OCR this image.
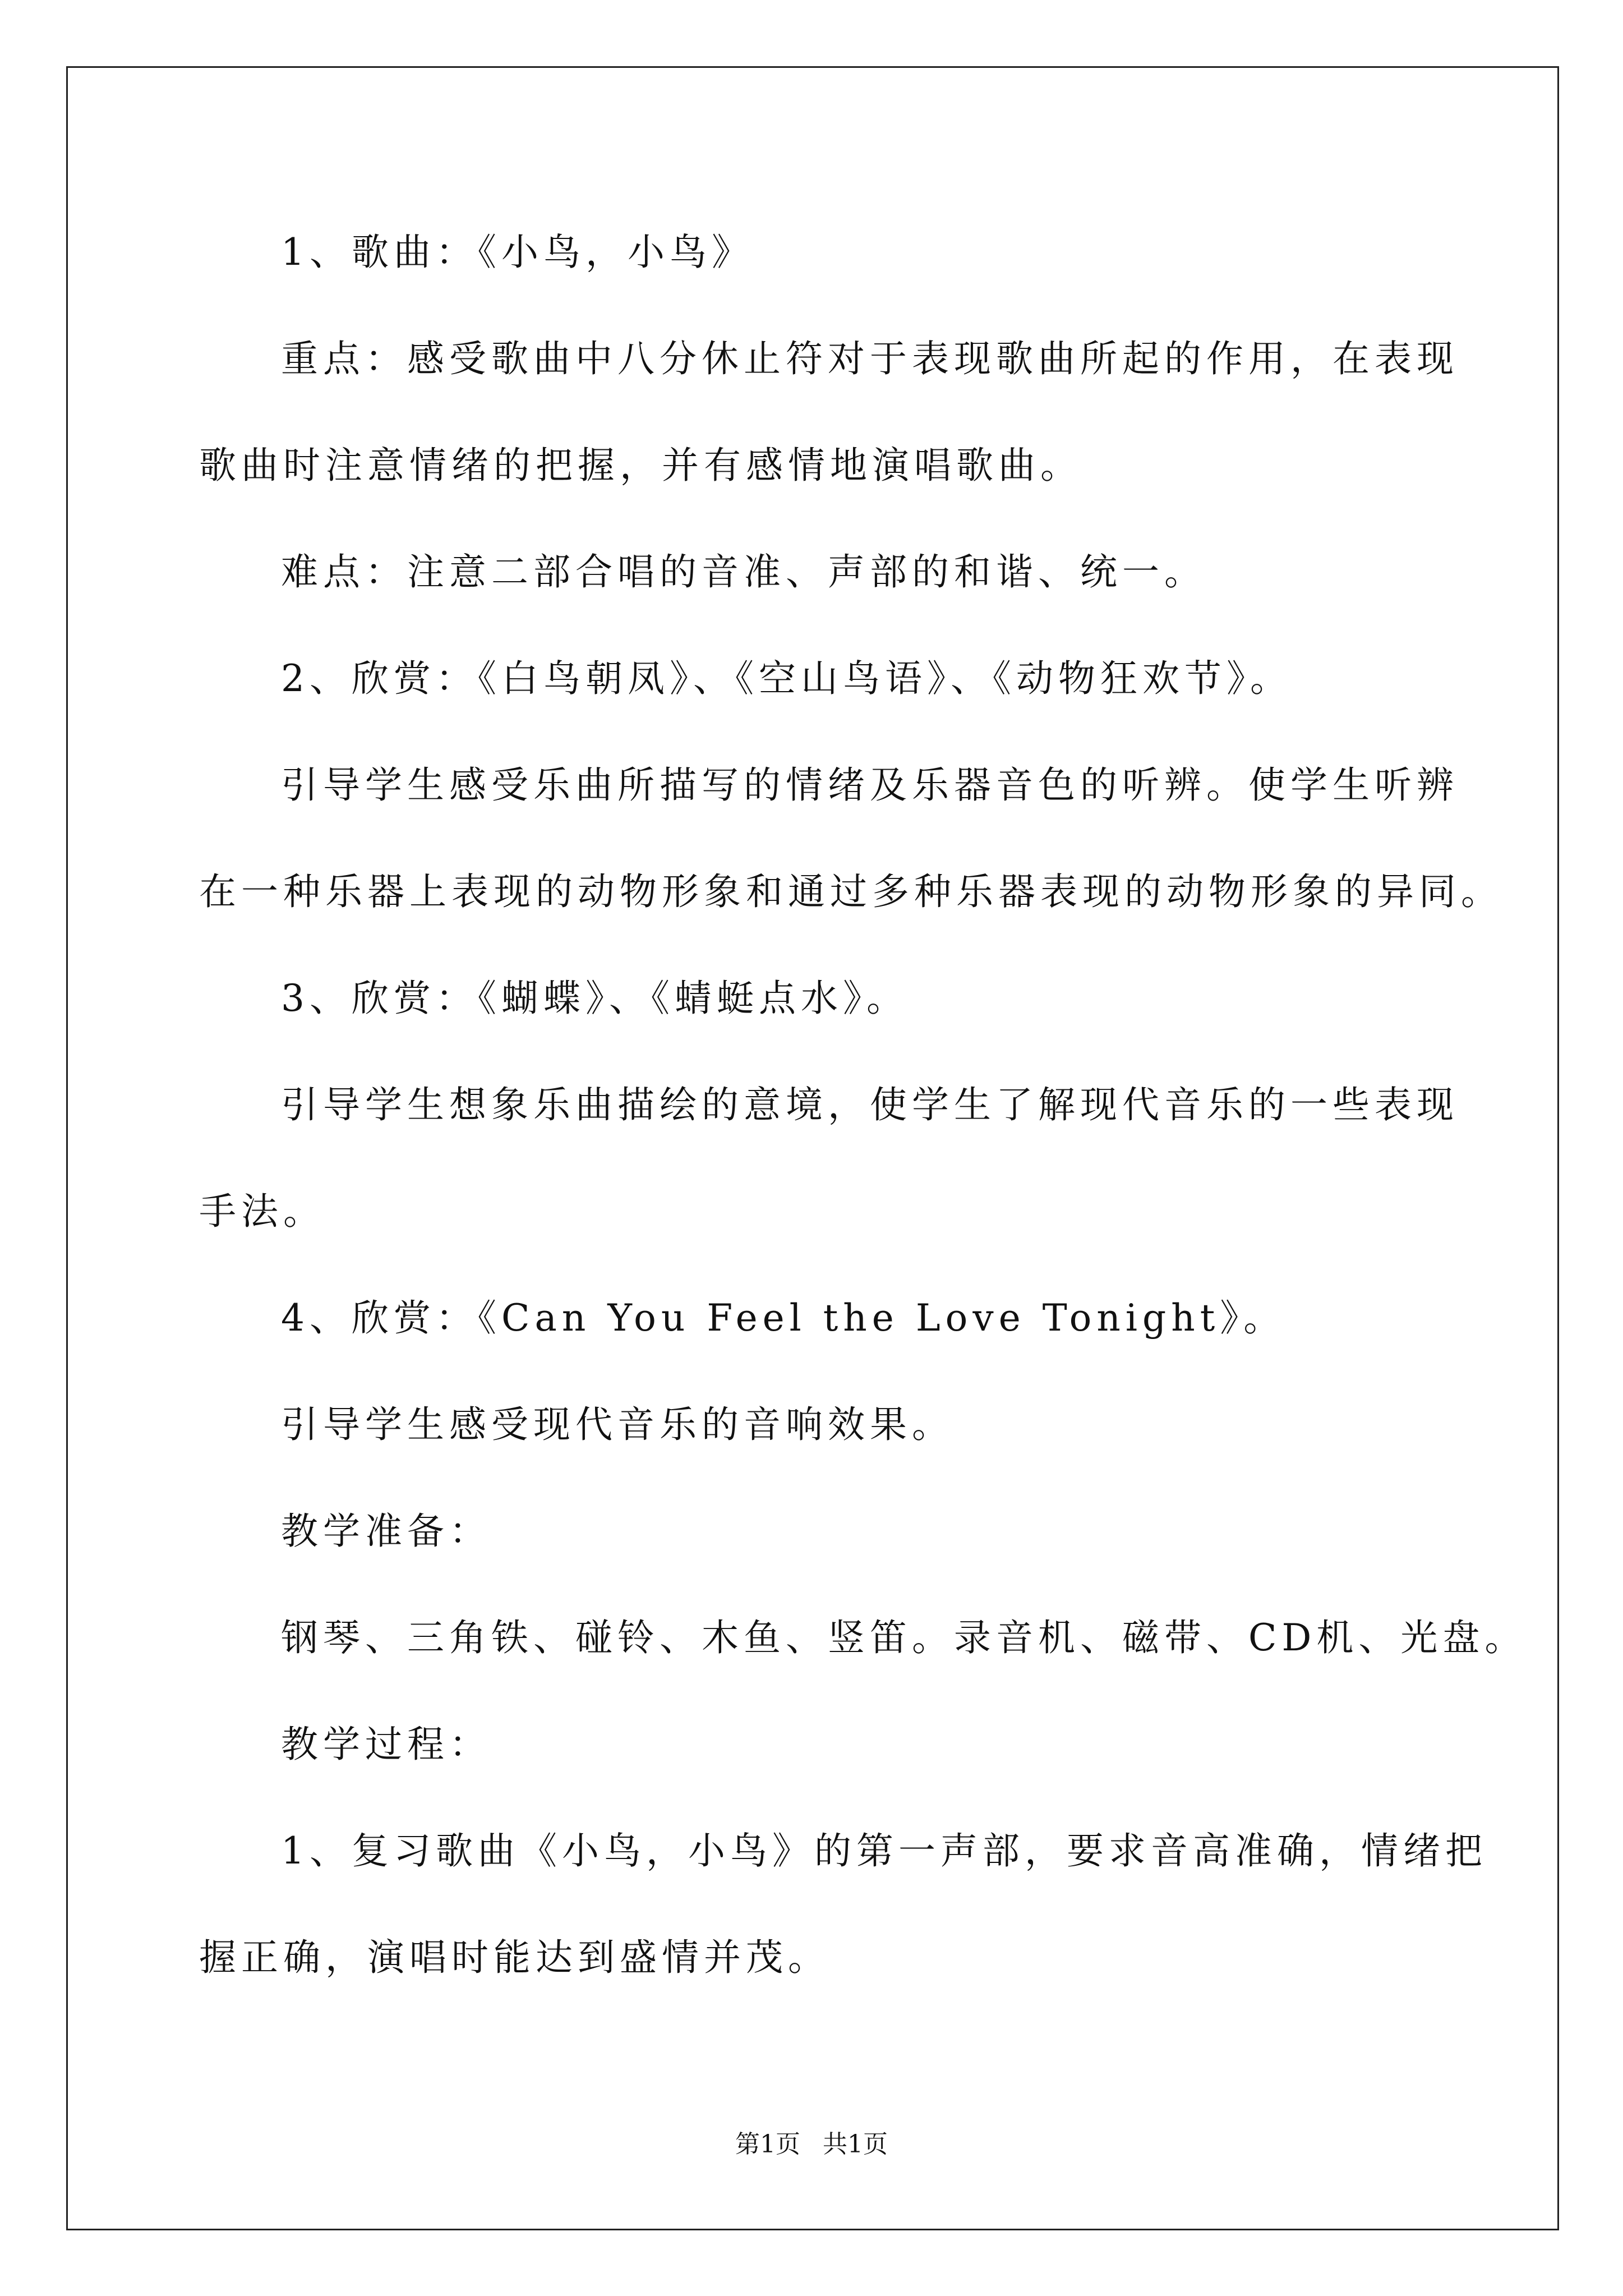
1、歌曲：《小鸟，小鸟》
重点：感受歌曲中八分休止符对于表现歌曲所起的作用，在表现
歌曲时注意情绪的把握，并有感情地演唱歌曲。
难点：注意二部合唱的音准、声部的和谐、统一。
2、欣赏：《白鸟朝凤》、《空山鸟语》、《动物狂欢节》。
引导学生感受乐曲所描写的情绪及乐器音色的听辨。使学生听辨
在一种乐器上表现的动物形象和通过多种乐器表现的动物形象的异同。
3、欣赏：《蝴蝶》、《蜻蜓点水》。
引导学生想象乐曲描绘的意境，使学生了解现代音乐的一些表现
手法。
4、欣赏：《Can You Feel the Love Tonight》。
引导学生感受现代音乐的音响效果。
教学准备：
钢琴、三角铁、碰铃、木鱼、竖笛。录音机、磁带、CD机、光盘。
教学过程：
1、复习歌曲《小鸟，小鸟》的第一声部，要求音高准确，情绪把
握正确，演唱时能达到盛情并茂。
第1页 共1页
